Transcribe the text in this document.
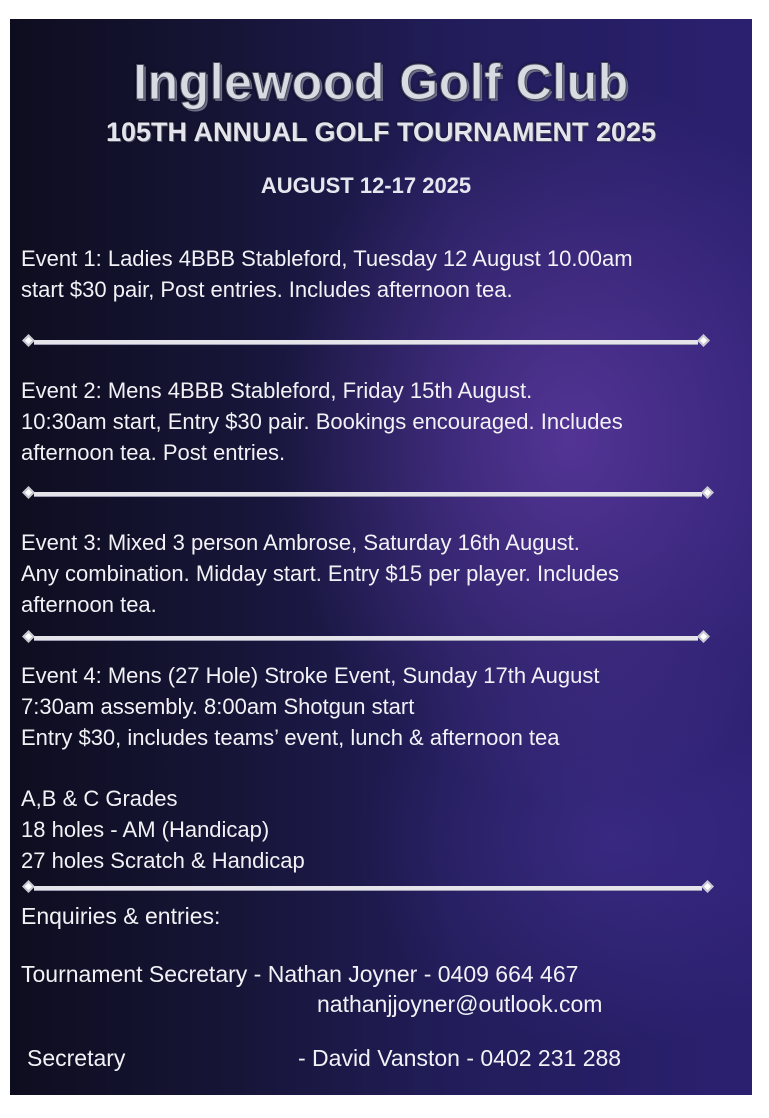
Inglewood Golf Club
105TH ANNUAL GOLF TOURNAMENT 2025
AUGUST 12-17 2025
Event 1: Ladies 4BBB Stableford, Tuesday 12 August 10.00am
start $30 pair, Post entries. Includes afternoon tea.
Event 2: Mens 4BBB Stableford, Friday 15th August.
10:30am start, Entry $30 pair. Bookings encouraged. Includes
afternoon tea. Post entries.
Event 3: Mixed 3 person Ambrose, Saturday 16th August.
Any combination. Midday start. Entry $15 per player. Includes
afternoon tea.
Event 4: Mens (27 Hole) Stroke Event, Sunday 17th August
7:30am assembly. 8:00am Shotgun start
Entry $30, includes teams’ event, lunch & afternoon tea
A,B & C Grades
18 holes - AM (Handicap)
27 holes Scratch & Handicap
Enquiries & entries:
Tournament Secretary - Nathan Joyner - 0409 664 467
nathanjjoyner@outlook.com
Secretary	- David Vanston - 0402 231 288
